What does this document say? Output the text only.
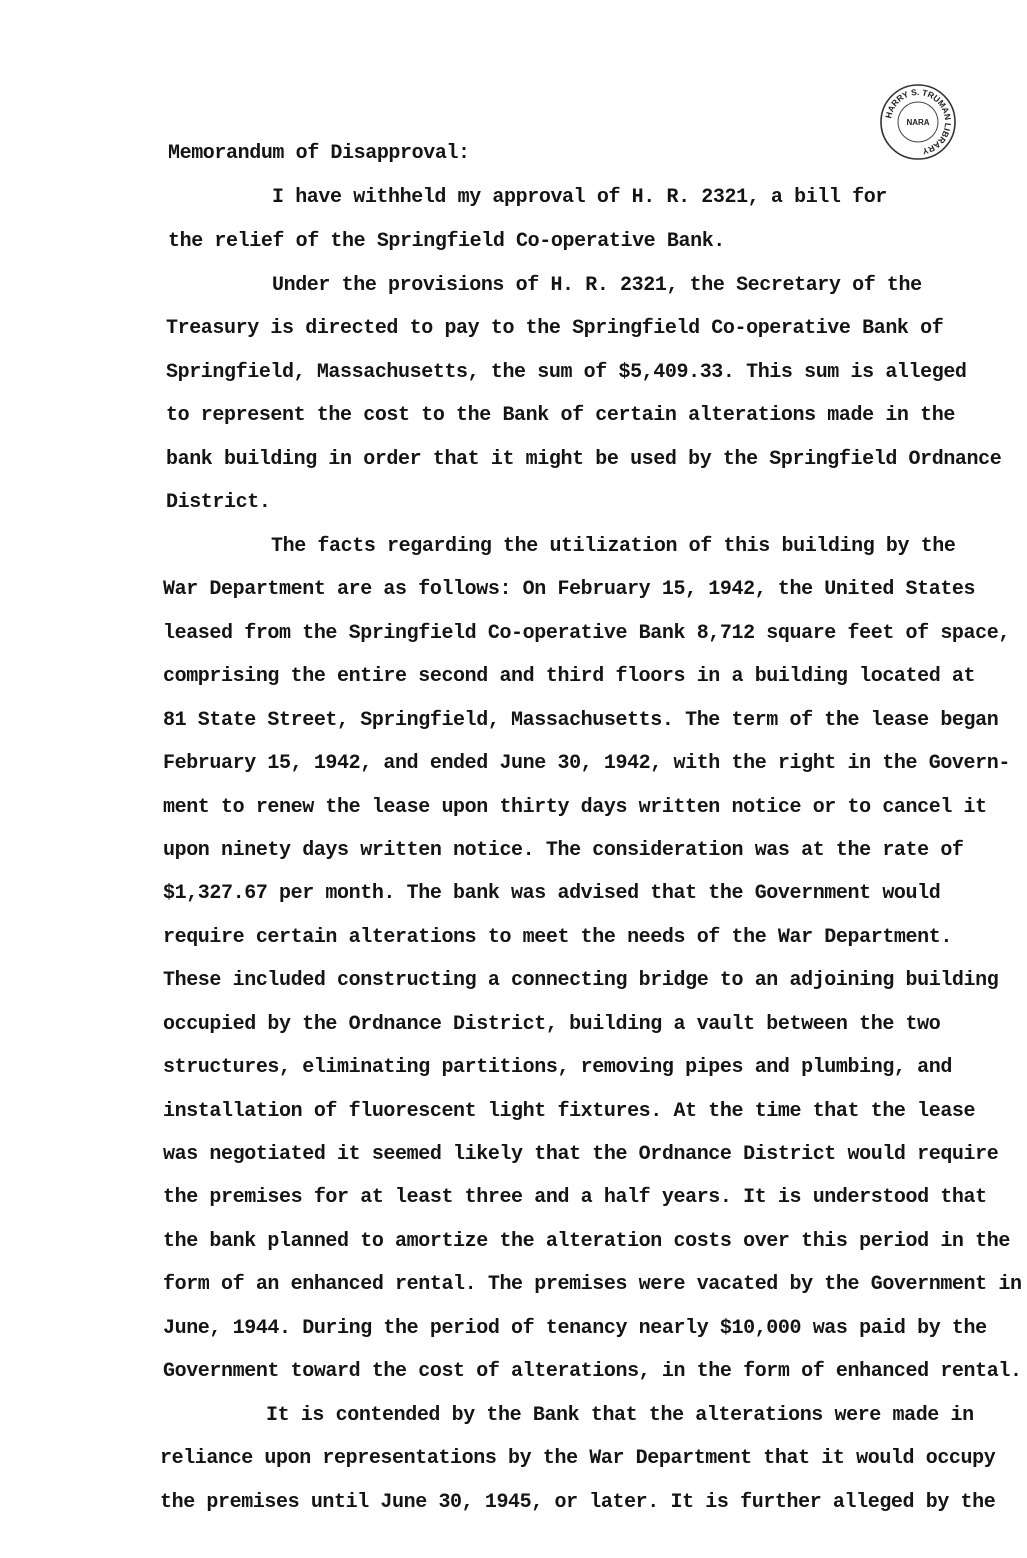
HARRY S. TRUMAN LIBRARY
NARA
Memorandum of Disapproval:
I have withheld my approval of H. R. 2321, a bill for
the relief of the Springfield Co-operative Bank.
Under the provisions of H. R. 2321, the Secretary of the
Treasury is directed to pay to the Springfield Co-operative Bank of
Springfield, Massachusetts, the sum of $5,409.33. This sum is alleged
to represent the cost to the Bank of certain alterations made in the
bank building in order that it might be used by the Springfield Ordnance
District.
The facts regarding the utilization of this building by the
War Department are as follows: On February 15, 1942, the United States
leased from the Springfield Co-operative Bank 8,712 square feet of space,
comprising the entire second and third floors in a building located at
81 State Street, Springfield, Massachusetts. The term of the lease began
February 15, 1942, and ended June 30, 1942, with the right in the Govern-
ment to renew the lease upon thirty days written notice or to cancel it
upon ninety days written notice. The consideration was at the rate of
$1,327.67 per month. The bank was advised that the Government would
require certain alterations to meet the needs of the War Department.
These included constructing a connecting bridge to an adjoining building
occupied by the Ordnance District, building a vault between the two
structures, eliminating partitions, removing pipes and plumbing, and
installation of fluorescent light fixtures. At the time that the lease
was negotiated it seemed likely that the Ordnance District would require
the premises for at least three and a half years. It is understood that
the bank planned to amortize the alteration costs over this period in the
form of an enhanced rental. The premises were vacated by the Government in
June, 1944. During the period of tenancy nearly $10,000 was paid by the
Government toward the cost of alterations, in the form of enhanced rental.
It is contended by the Bank that the alterations were made in
reliance upon representations by the War Department that it would occupy
the premises until June 30, 1945, or later. It is further alleged by the
